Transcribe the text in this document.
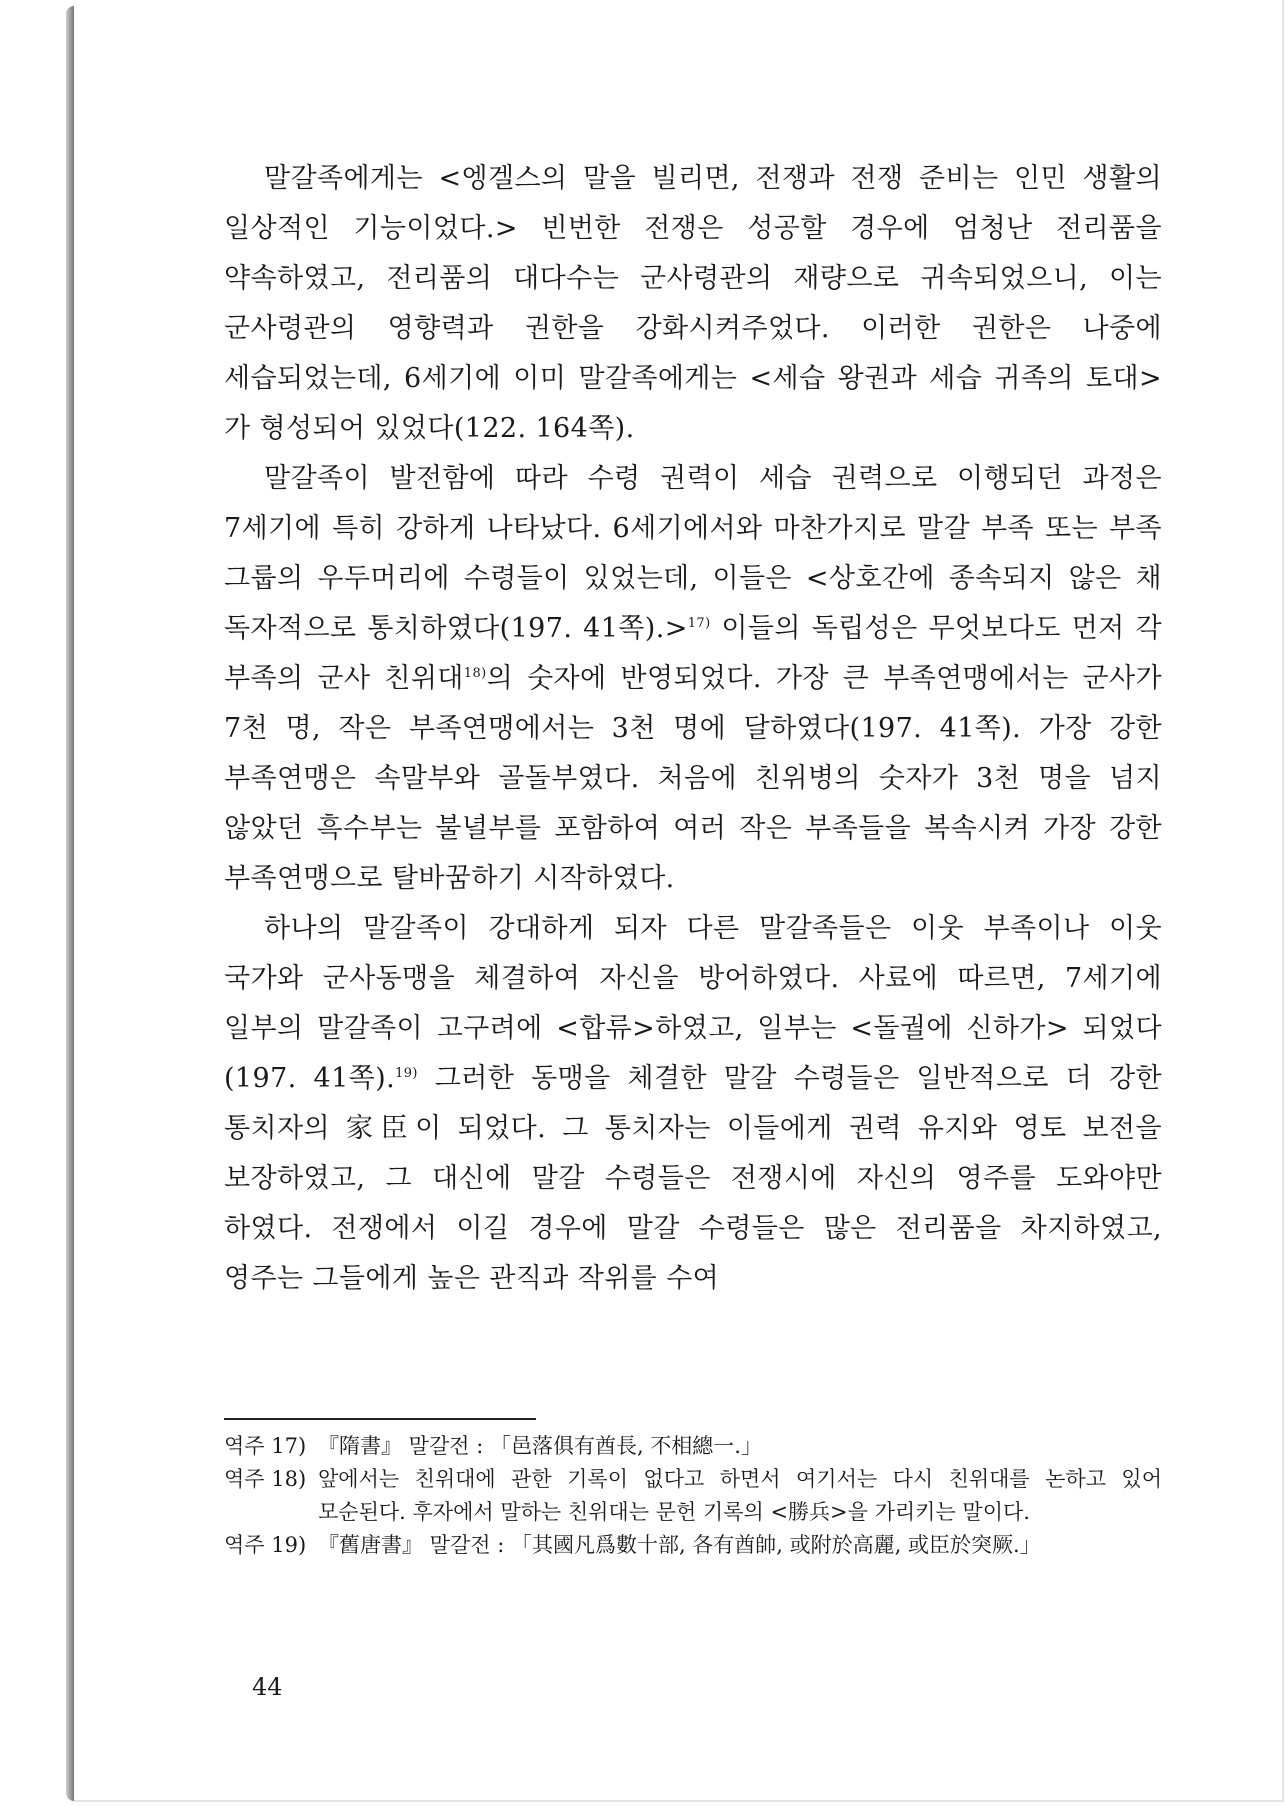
말갈족에게는 <엥겔스의 말을 빌리면, 전쟁과 전쟁 준비는 인민 생활의 일상적인 기능이었다.> 빈번한 전쟁은 성공할 경우에 엄청난 전리품을 약속하였고, 전리품의 대다수는 군사령관의 재량으로 귀속되었으니, 이는 군사령관의 영향력과 권한을 강화시켜주었다. 이러한 권한은 나중에 세습되었는데, 6세기에 이미 말갈족에게는 <세습 왕권과 세습 귀족의 토대>가 형성되어 있었다(122. 164쪽).

말갈족이 발전함에 따라 수령 권력이 세습 권력으로 이행되던 과정은 7세기에 특히 강하게 나타났다. 6세기에서와 마찬가지로 말갈 부족 또는 부족 그룹의 우두머리에 수령들이 있었는데, 이들은 <상호간에 종속되지 않은 채 독자적으로 통치하였다(197. 41쪽).>$^{17)}$ 이들의 독립성은 무엇보다도 먼저 각 부족의 군사 친위대$^{18)}$의 숫자에 반영되었다. 가장 큰 부족연맹에서는 군사가 7천 명, 작은 부족연맹에서는 3천 명에 달하였다(197. 41쪽). 가장 강한 부족연맹은 속말부와 골돌부였다. 처음에 친위병의 숫자가 3천 명을 넘지 않았던 흑수부는 불녈부를 포함하여 여러 작은 부족들을 복속시켜 가장 강한 부족연맹으로 탈바꿈하기 시작하였다.

하나의 말갈족이 강대하게 되자 다른 말갈족들은 이웃 부족이나 이웃 국가와 군사동맹을 체결하여 자신을 방어하였다. 사료에 따르면, 7세기에 일부의 말갈족이 고구려에 <합류>하였고, 일부는 <돌궐에 신하가> 되었다(197. 41쪽).$^{19)}$ 그러한 동맹을 체결한 말갈 수령들은 일반적으로 더 강한 통치자의 家臣이 되었다. 그 통치자는 이들에게 권력 유지와 영토 보전을 보장하였고, 그 대신에 말갈 수령들은 전쟁시에 자신의 영주를 도와야만 하였다. 전쟁에서 이길 경우에 말갈 수령들은 많은 전리품을 차지하였고, 영주는 그들에게 높은 관직과 작위를 수여

역주 17) 『隋書』 말갈전 : 「邑落俱有酋長, 不相總一.」
역주 18) 앞에서는 친위대에 관한 기록이 없다고 하면서 여기서는 다시 친위대를 논하고 있어 모순된다. 후자에서 말하는 친위대는 문헌 기록의 <勝兵>을 가리키는 말이다.
역주 19) 『舊唐書』 말갈전 : 「其國凡爲數十部, 各有酋帥, 或附於高麗, 或臣於突厥.」
44
